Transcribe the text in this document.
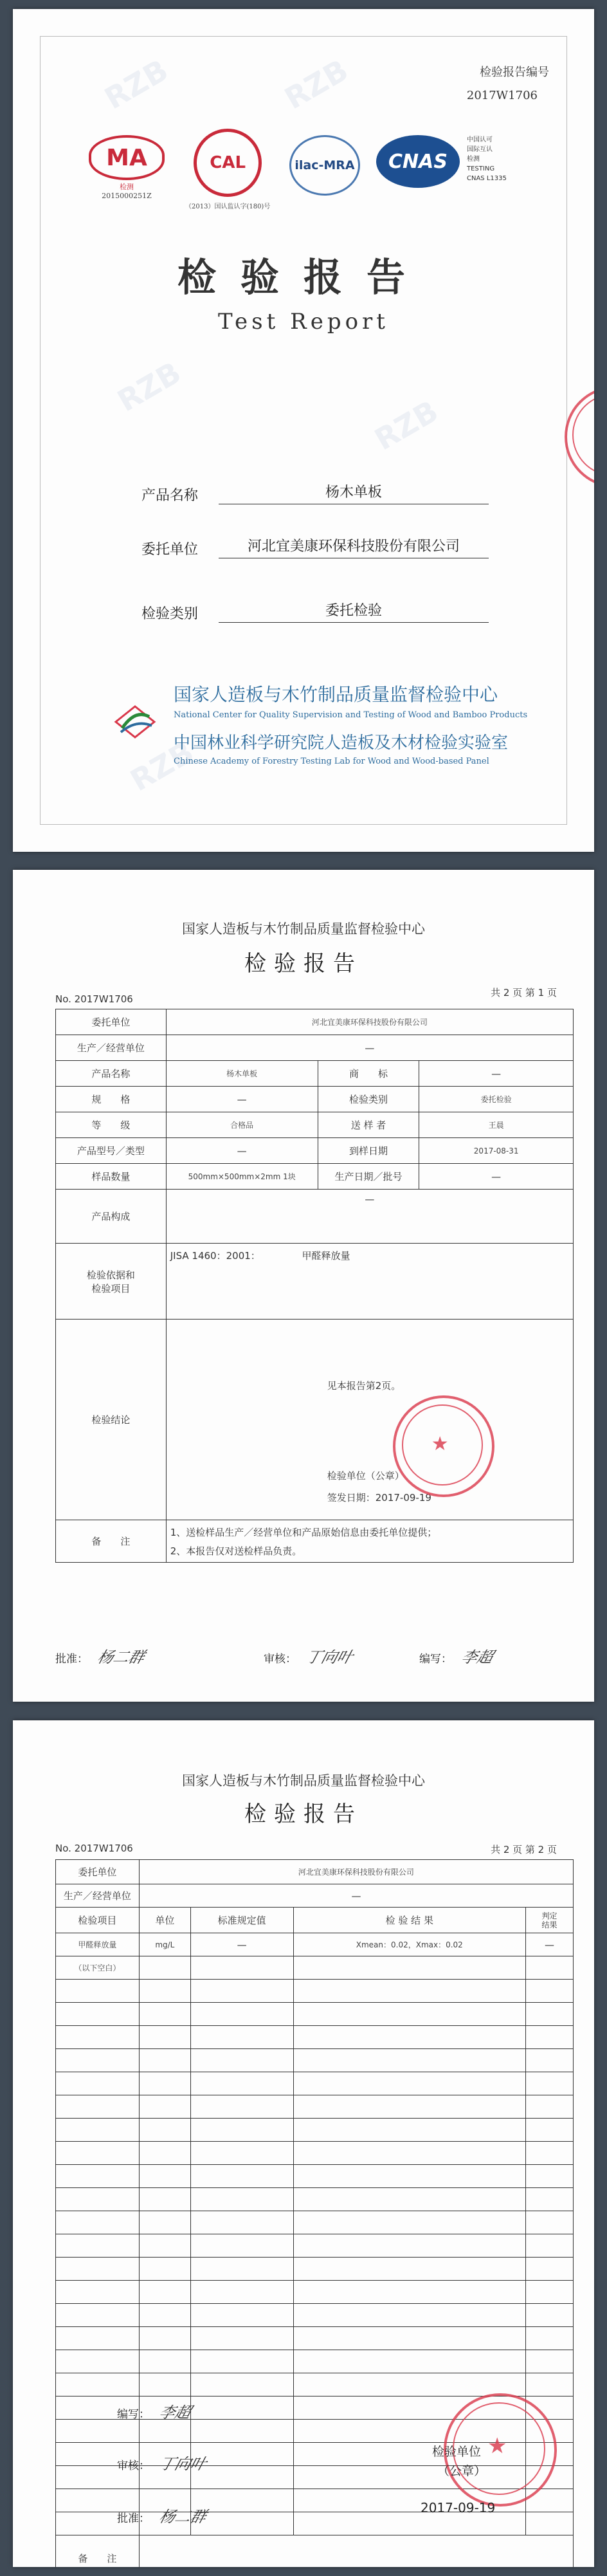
RZB	RZB
RZB
RZB
RZB
检验报告编号
2017W1706
MA
检测
2015000251Z
CAL
（2013）国认监认字(180)号
ilac-MRA	CNAS
中国认可
国际互认
检测
TESTING
CNAS L1335
检验报告
Test Report
产品名称	杨木单板
委托单位	河北宜美康环保科技股份有限公司
检验类别	委托检验
国家人造板与木竹制品质量监督检验中心
National Center for Quality Supervision and Testing of Wood and Bamboo Products
中国林业科学研究院人造板及木材检验实验室
Chinese Academy of Forestry Testing Lab for Wood and Wood-based Panel
国家人造板与木竹制品质量监督检验中心
检验报告
No. 2017W1706
共 2 页 第 1 页
委托单位	河北宜美康环保科技股份有限公司		
生产／经营单位	—		
产品名称	杨木单板	商　　标	—
规　　格	—	检验类别	委托检验
等　　级	合格品	送 样 者	王晨
产品型号／类型	—	到样日期	2017-08-31
样品数量	500mm×500mm×2mm 1块	生产日期／批号	—
产品构成	—		
检验依据和
检验项目	JISA 1460：2001： 甲醛释放量		
检验结论	见本报告第2页。
检验单位（公章）
签发日期：2017-09-19
★		

备　　注	1、送检样品生产／经营单位和产品原始信息由委托单位提供；
2、本报告仅对送检样品负责。		
批准： 杨二群	审核： 丁向叶	编写： 李超
国家人造板与木竹制品质量监督检验中心
检验报告
No. 2017W1706	共 2 页 第 2 页
委托单位	河北宜美康环保科技股份有限公司			
生产／经营单位	—			
检验项目	单位	标准规定值	检 验 结 果	判定
结果
甲醛释放量	mg/L	—	Xmean：0.02，Xmax：0.02	—
（以下空白）				

备　　注				
编写： 李超
审核： 丁向叶
批准： 杨二群
★
检验单位
（公章）
2017-09-19
